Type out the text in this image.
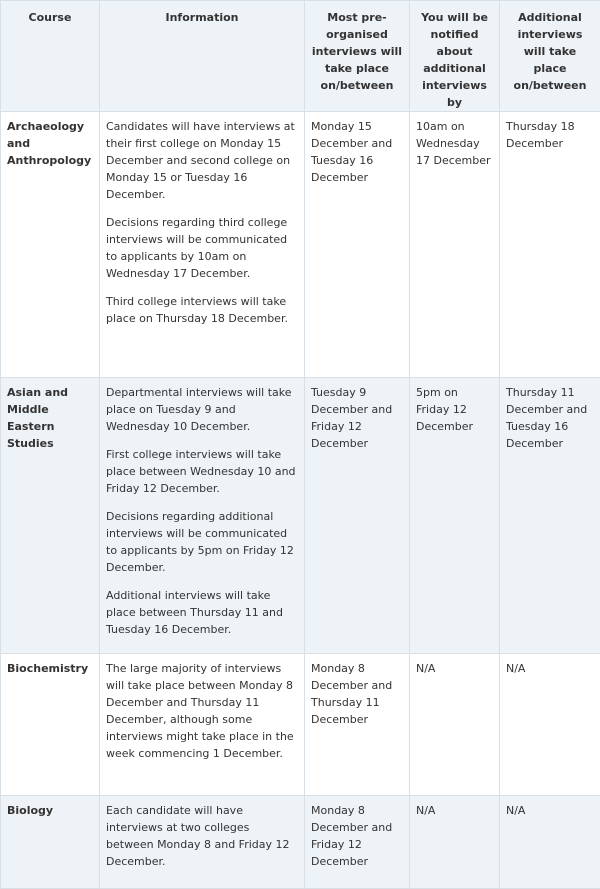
Course	Information	Most pre-organised interviews will take place on/between	You will be notified about additional interviews by	Additional interviews will take place on/between
Archaeology and Anthropology	Candidates will have interviews at their first college on Monday 15 December and second college on Monday 15 or Tuesday 16 December.

Decisions regarding third college interviews will be communicated to applicants by 10am on Wednesday 17 December.

Third college interviews will take place on Thursday 18 December.	Monday 15 December and Tuesday 16 December	10am on Wednesday 17 December	Thursday 18 December
Asian and Middle Eastern Studies	Departmental interviews will take place on Tuesday 9 and Wednesday 10 December.

First college interviews will take place between Wednesday 10 and Friday 12 December.

Decisions regarding additional interviews will be communicated to applicants by 5pm on Friday 12 December.

Additional interviews will take place between Thursday 11 and Tuesday 16 December.	Tuesday 9 December and Friday 12 December	5pm on Friday 12 December	Thursday 11 December and Tuesday 16 December
Biochemistry	The large majority of interviews will take place between Monday 8 December and Thursday 11 December, although some interviews might take place in the week commencing 1 December.	Monday 8 December and Thursday 11 December	N/A	N/A
Biology	Each candidate will have interviews at two colleges between Monday 8 and Friday 12 December.	Monday 8 December and Friday 12 December	N/A	N/A
